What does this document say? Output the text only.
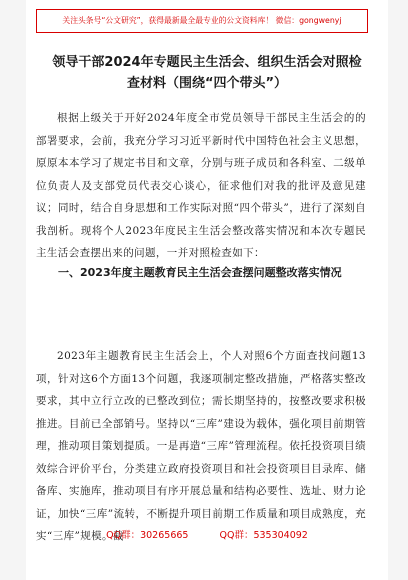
关注头条号“公文研究”，获得最新最全最专业的公文资料库！ 微信：gongwenyj
领导干部2024年专题民主生活会、组织生活会对照检查材料（围绕“四个带头”）

根据上级关于开好2024年度全市党员领导干部民主生活会的的部署要求，会前，我充分学习习近平新时代中国特色社会主义思想，原原本本学习了规定书目和文章，分别与班子成员和各科室、二级单位负责人及支部党员代表交心谈心，征求他们对我的批评及意见建议；同时，结合自身思想和工作实际对照“四个带头”，进行了深刻自我剖析。现将个人2023年度民主生活会整改落实情况和本次专题民主生活会查摆出来的问题，一并对照检查如下：

一、2023年度主题教育民主生活会查摆问题整改落实情况

2023年主题教育民主生活会上，个人对照6个方面查找问题13项，针对这6个方面13个问题，我逐项制定整改措施，严格落实整改要求，其中立行立改的已整改到位；需长期坚持的，按整改要求积极推进。目前已全部销号。坚持以“三库”建设为载体，强化项目前期管理，推动项目策划提质。一是再造“三库”管理流程。依托投资项目绩效综合评价平台，分类建立政府投资项目和社会投资项目目录库、储备库、实施库，推动项目有序开展总量和结构必要性、选址、财力论证，加快“三库”流转，不断提升项目前期工作质量和项目成熟度，充实“三库”规模。截

QQ群：30265665	QQ群：535304092
